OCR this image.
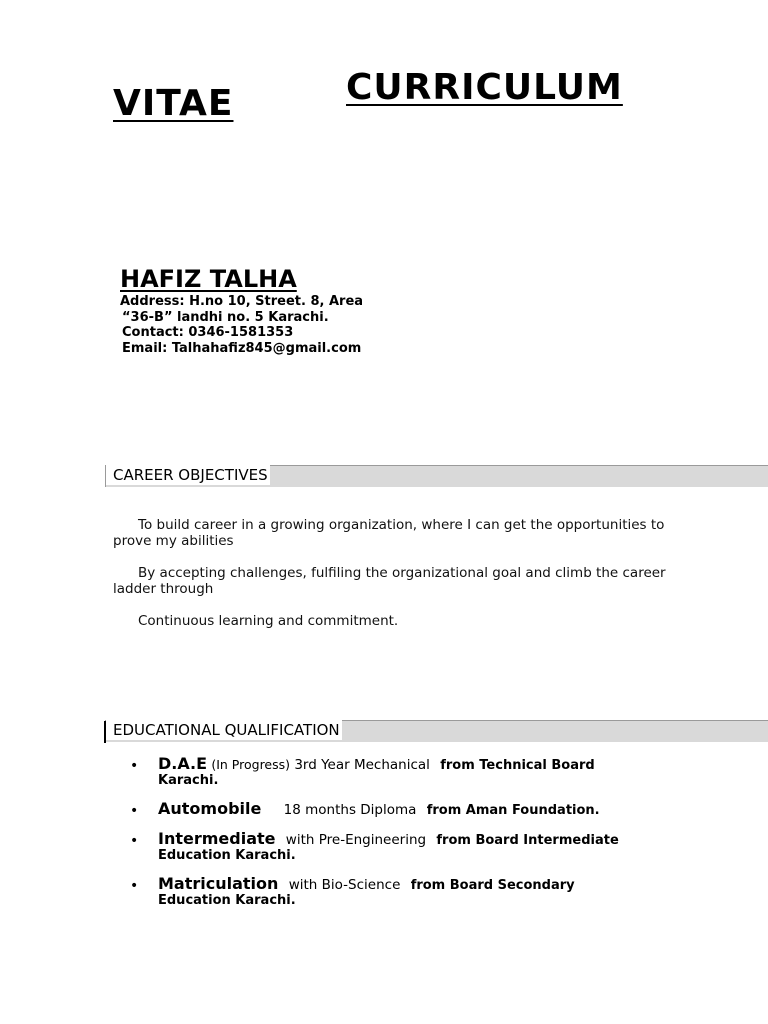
CURRICULUM
VITAE

HAFIZ TALHA

Address: H.no 10, Street. 8, Area

“36-B” landhi no. 5 Karachi.

Contact: 0346-1581353

Email: Talhahafiz845@gmail.com

CAREER OBJECTIVES

To build career in a growing organization, where I can get the opportunities to prove my abilities

By accepting challenges, fulfiling the organizational goal and climb the career ladder through

Continuous learning and commitment.

EDUCATIONAL QUALIFICATION
• D.A.E (In Progress) 3rd Year Mechanical from Technical Board Karachi.
• Automobile 18 months Diploma from Aman Foundation.
• Intermediate with Pre-Engineering from Board Intermediate Education Karachi.
• Matriculation with Bio-Science from Board Secondary Education Karachi.
